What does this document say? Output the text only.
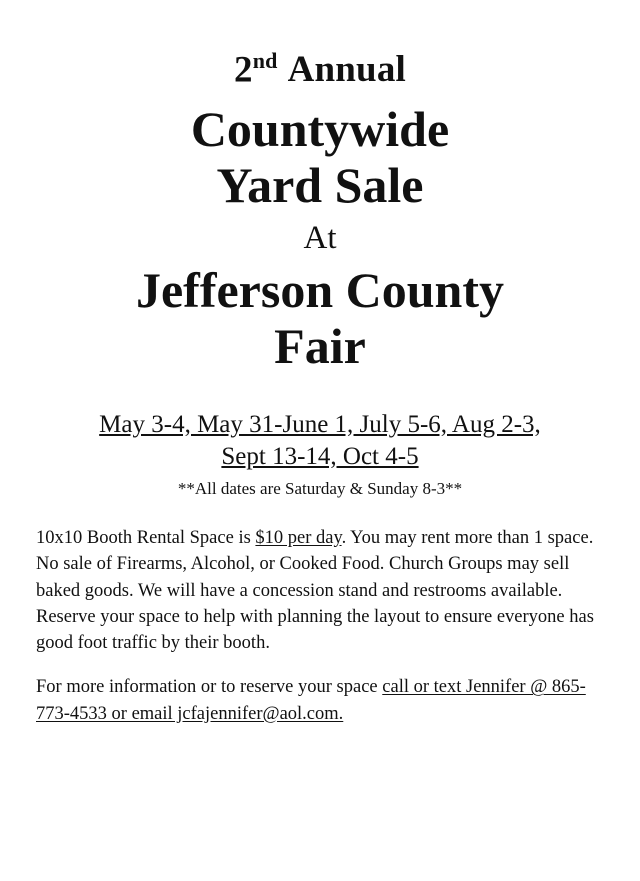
2nd Annual
Countywide
Yard Sale
At
Jefferson County
Fair
May 3-4, May 31-June 1, July 5-6, Aug 2-3,
Sept 13-14, Oct 4-5
**All dates are Saturday & Sunday 8-3**

10x10 Booth Rental Space is $10 per day. You may rent more than 1 space. No sale of Firearms, Alcohol, or Cooked Food. Church Groups may sell baked goods. We will have a concession stand and restrooms available. Reserve your space to help with planning the layout to ensure everyone has good foot traffic by their booth.

For more information or to reserve your space call or text Jennifer @ 865-773-4533 or email jcfajennifer@aol.com.
